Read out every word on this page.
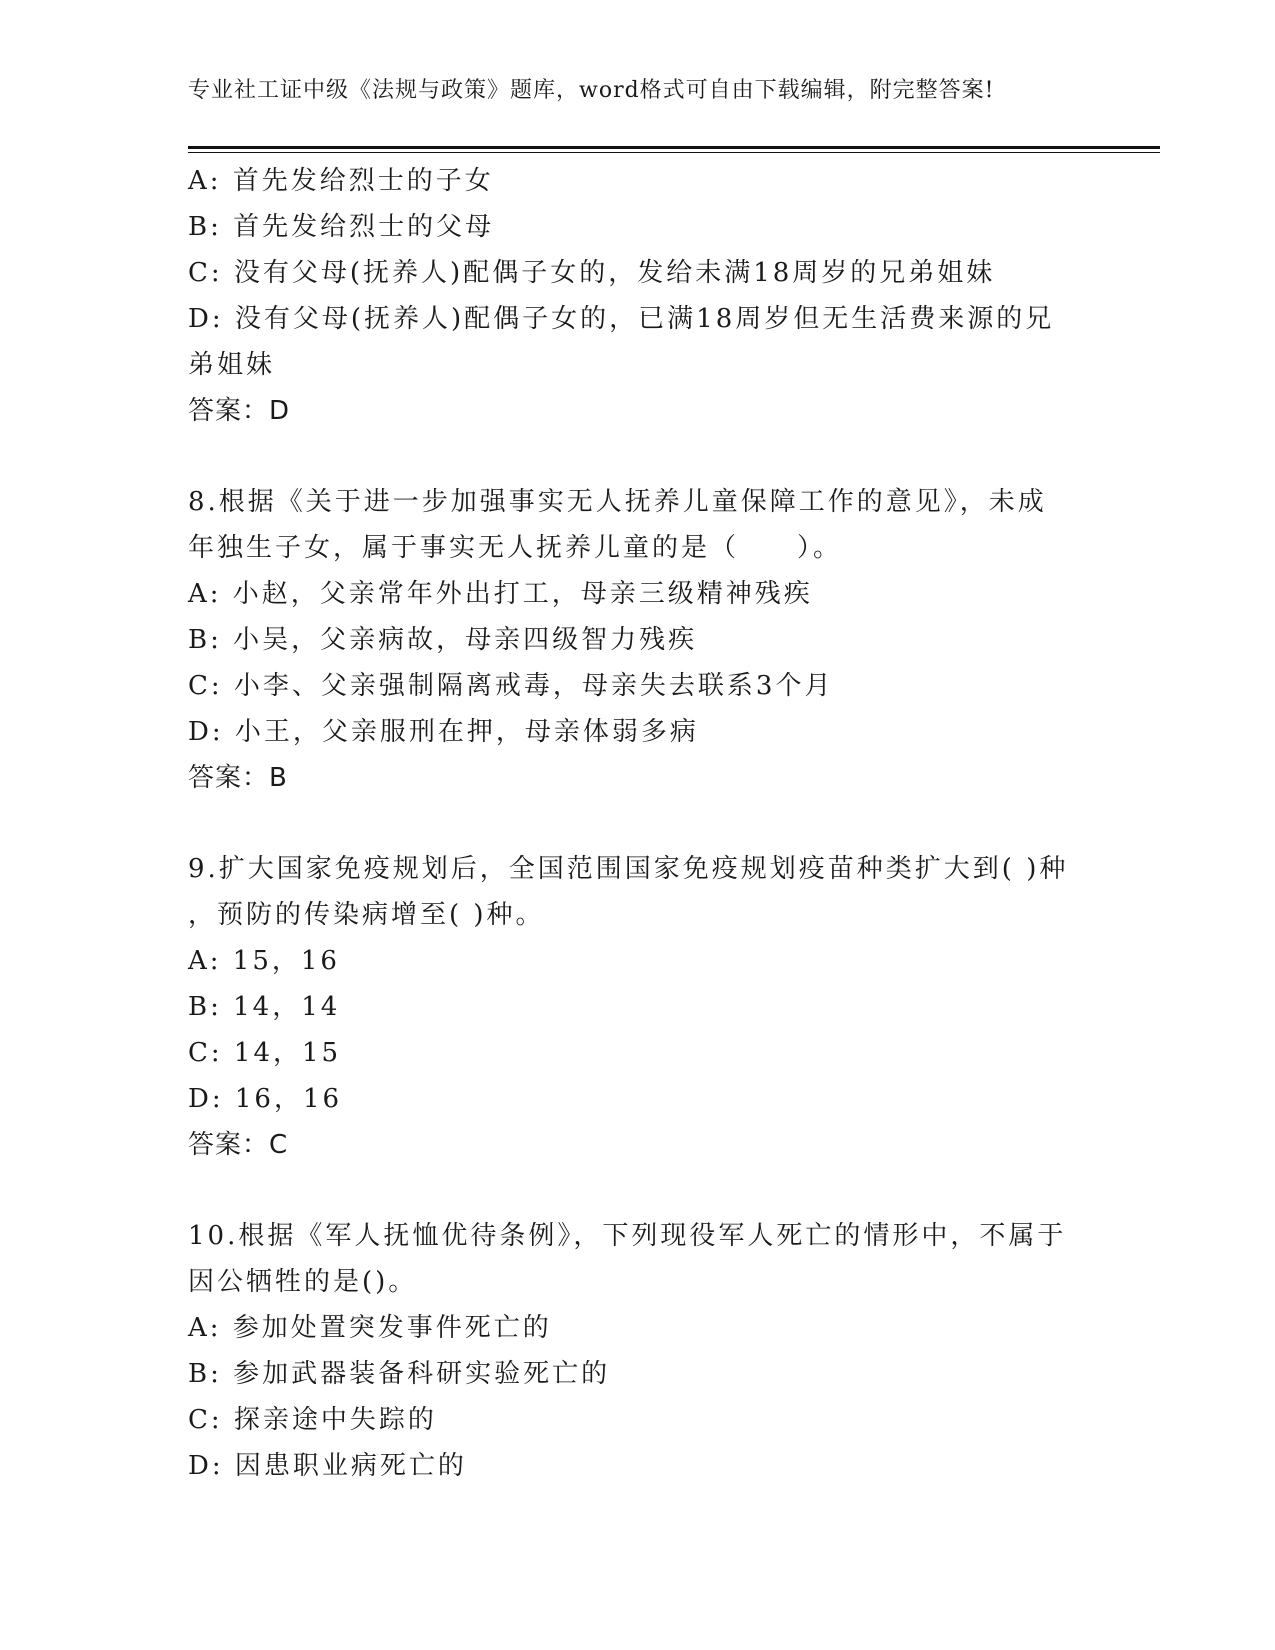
专业社工证中级《法规与政策》题库，word格式可自由下载编辑，附完整答案!
A: 首先发给烈士的子女
B: 首先发给烈士的父母
C: 没有父母(抚养人)配偶子女的，发给未满18周岁的兄弟姐妹
D: 没有父母(抚养人)配偶子女的，已满18周岁但无生活费来源的兄
弟姐妹
答案：D
8.根据《关于进一步加强事实无人抚养儿童保障工作的意见》，未成
年独生子女，属于事实无人抚养儿童的是（　　）。
A: 小赵，父亲常年外出打工，母亲三级精神残疾
B: 小吴，父亲病故，母亲四级智力残疾
C: 小李、父亲强制隔离戒毒，母亲失去联系3个月
D: 小王，父亲服刑在押，母亲体弱多病
答案：B
9.扩大国家免疫规划后，全国范围国家免疫规划疫苗种类扩大到( )种
，预防的传染病增至( )种。
A: 15，16
B: 14，14
C: 14，15
D: 16，16
答案：C
10.根据《军人抚恤优待条例》，下列现役军人死亡的情形中，不属于
因公牺牲的是()。
A: 参加处置突发事件死亡的
B: 参加武器装备科研实验死亡的
C: 探亲途中失踪的
D: 因患职业病死亡的
